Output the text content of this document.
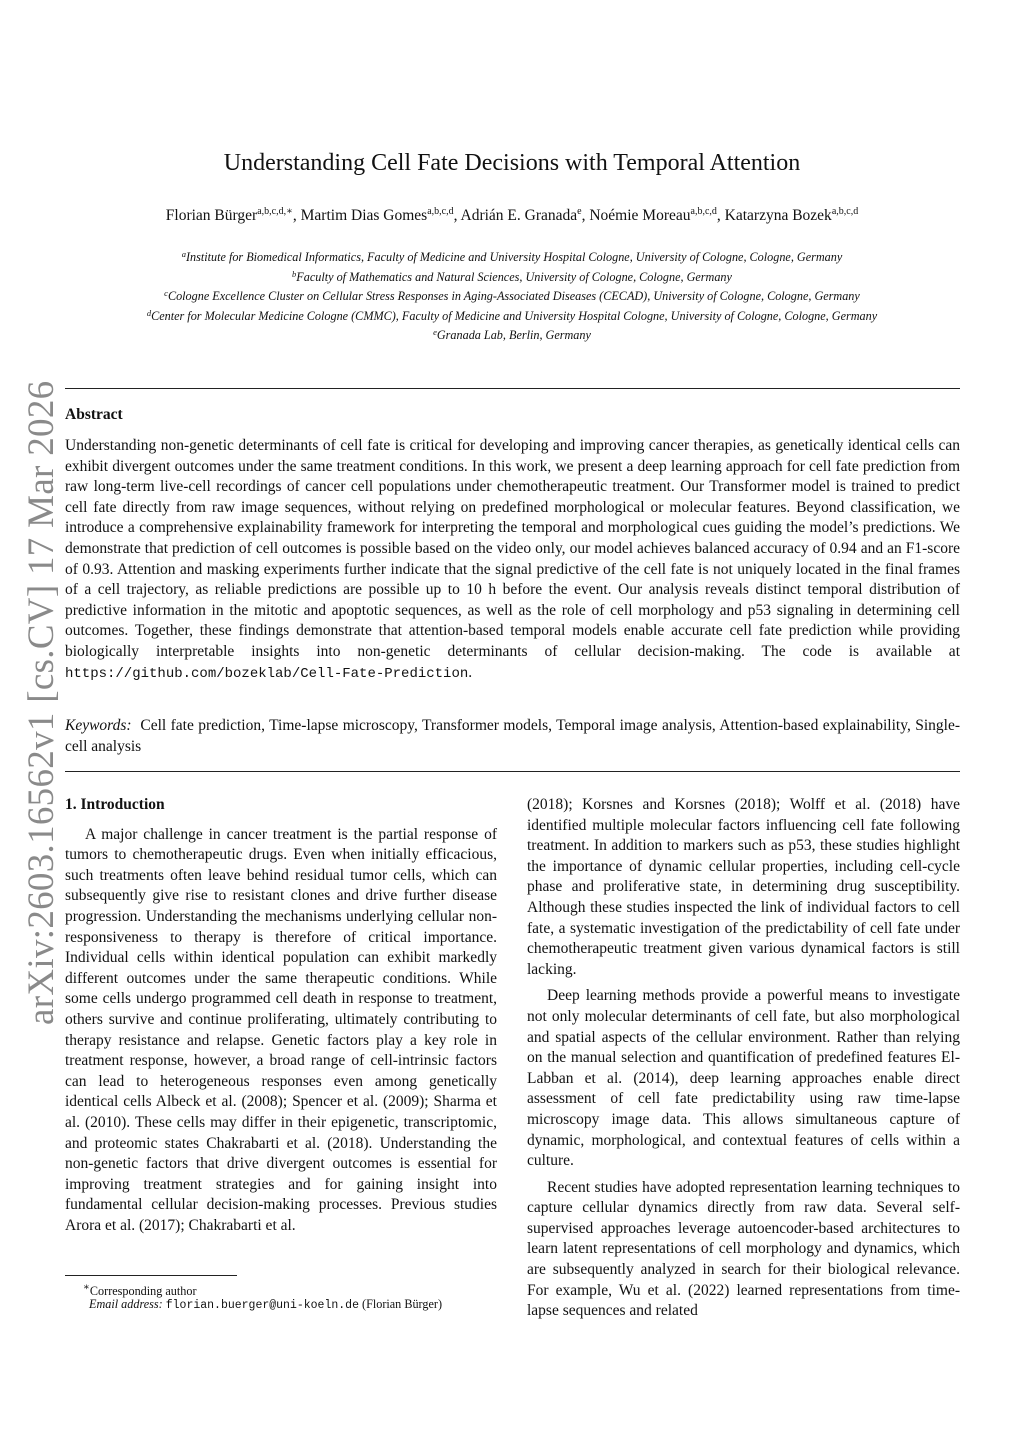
arXiv:2603.16562v1 [cs.CV] 17 Mar 2026
Understanding Cell Fate Decisions with Temporal Attention
Florian Bürger$^{a,b,c,d,∗}$, Martim Dias Gomes$^{a,b,c,d}$, Adrián E. Granada$^e$, Noémie Moreau$^{a,b,c,d}$, Katarzyna Bozek$^{a,b,c,d}$
$^a$Institute for Biomedical Informatics, Faculty of Medicine and University Hospital Cologne, University of Cologne, Cologne, Germany
$^b$Faculty of Mathematics and Natural Sciences, University of Cologne, Cologne, Germany
$^c$Cologne Excellence Cluster on Cellular Stress Responses in Aging-Associated Diseases (CECAD), University of Cologne, Cologne, Germany
$^d$Center for Molecular Medicine Cologne (CMMC), Faculty of Medicine and University Hospital Cologne, University of Cologne, Cologne, Germany
$^e$Granada Lab, Berlin, Germany
Abstract
Understanding non-genetic determinants of cell fate is critical for developing and improving cancer therapies, as genetically identical cells can exhibit divergent outcomes under the same treatment conditions. In this work, we present a deep learning approach for cell fate prediction from raw long-term live-cell recordings of cancer cell populations under chemotherapeutic treatment. Our Transformer model is trained to predict cell fate directly from raw image sequences, without relying on predefined morphological or molecular features. Beyond classification, we introduce a comprehensive explainability framework for interpreting the temporal and morphological cues guiding the model’s predictions. We demonstrate that prediction of cell outcomes is possible based on the video only, our model achieves balanced accuracy of 0.94 and an F1-score of 0.93. Attention and masking experiments further indicate that the signal predictive of the cell fate is not uniquely located in the final frames of a cell trajectory, as reliable predictions are possible up to 10 h before the event. Our analysis reveals distinct temporal distribution of predictive information in the mitotic and apoptotic sequences, as well as the role of cell morphology and p53 signaling in determining cell outcomes. Together, these findings demonstrate that attention-based temporal models enable accurate cell fate prediction while providing biologically interpretable insights into non-genetic determinants of cellular decision-making. The code is available at https://github.com/bozeklab/Cell-Fate-Prediction.
Keywords: Cell fate prediction, Time-lapse microscopy, Transformer models, Temporal image analysis, Attention-based explainability, Single-cell analysis
1. Introduction

A major challenge in cancer treatment is the partial response of tumors to chemotherapeutic drugs. Even when initially efficacious, such treatments often leave behind residual tumor cells, which can subsequently give rise to resistant clones and drive further disease progression. Understanding the mechanisms underlying cellular non-responsiveness to therapy is therefore of critical importance. Individual cells within identical population can exhibit markedly different outcomes under the same therapeutic conditions. While some cells undergo programmed cell death in response to treatment, others survive and continue proliferating, ultimately contributing to therapy resistance and relapse. Genetic factors play a key role in treatment response, however, a broad range of cell-intrinsic factors can lead to heterogeneous responses even among genetically identical cells Albeck et al. (2008); Spencer et al. (2009); Sharma et al. (2010). These cells may differ in their epigenetic, transcriptomic, and proteomic states Chakrabarti et al. (2018). Understanding the non-genetic factors that drive divergent outcomes is essential for improving treatment strategies and for gaining insight into fundamental cellular decision-making processes. Previous studies Arora et al. (2017); Chakrabarti et al.

(2018); Korsnes and Korsnes (2018); Wolff et al. (2018) have identified multiple molecular factors influencing cell fate following treatment. In addition to markers such as p53, these studies highlight the importance of dynamic cellular properties, including cell-cycle phase and proliferative state, in determining drug susceptibility. Although these studies inspected the link of individual factors to cell fate, a systematic investigation of the predictability of cell fate under chemotherapeutic treatment given various dynamical factors is still lacking.

Deep learning methods provide a powerful means to investigate not only molecular determinants of cell fate, but also morphological and spatial aspects of the cellular environment. Rather than relying on the manual selection and quantification of predefined features El-Labban et al. (2014), deep learning approaches enable direct assessment of cell fate predictability using raw time-lapse microscopy image data. This allows simultaneous capture of dynamic, morphological, and contextual features of cells within a culture.

Recent studies have adopted representation learning techniques to capture cellular dynamics directly from raw data. Several self-supervised approaches leverage autoencoder-based architectures to learn latent representations of cell morphology and dynamics, which are subsequently analyzed in search for their biological relevance. For example, Wu et al. (2022) learned representations from time-lapse sequences and related

∗Corresponding author
Email address: florian.buerger@uni-koeln.de (Florian Bürger)
